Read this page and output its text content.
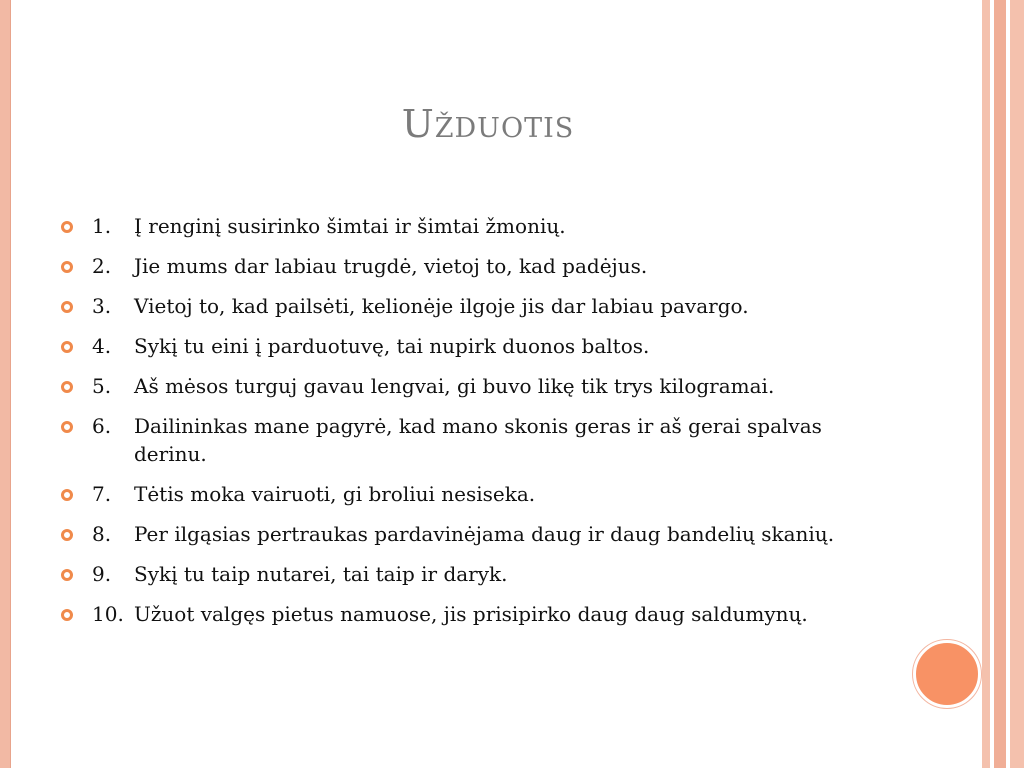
Užduotis
1.	Į renginį susirinko šimtai ir šimtai žmonių.
2.	Jie mums dar labiau trugdė, vietoj to, kad padėjus.
3.	Vietoj to, kad pailsėti, kelionėje ilgoje jis dar labiau pavargo.
4.	Sykį tu eini į parduotuvę, tai nupirk duonos baltos.
5.	Aš mėsos turguj gavau lengvai, gi buvo likę tik trys kilogramai.
6.	Dailininkas mane pagyrė, kad mano skonis geras ir aš gerai spalvas derinu.
7.	Tėtis moka vairuoti, gi broliui nesiseka.
8.	Per ilgąsias pertraukas pardavinėjama daug ir daug bandelių skanių.
9.	Sykį tu taip nutarei, tai taip ir daryk.
10. Užuot valgęs pietus namuose, jis prisipirko daug daug saldumynų.
